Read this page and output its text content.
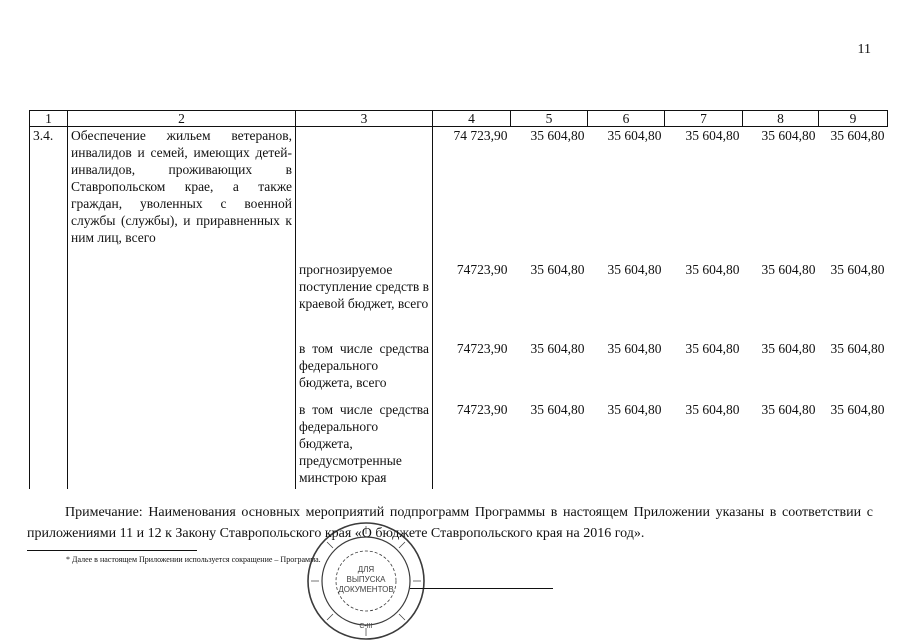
11
1	2	3	4	5	6	7	8	9
3.4.	Обеспечение жильем ветеранов, инвалидов и семей, имеющих детей-инвалидов, проживающих в Ставропольском крае, а также граждан, уволенных с военной службы (службы), и приравненных к ним лиц, всего		74 723,90	35 604,80	35 604,80	35 604,80	35 604,80	35 604,80
		прогнозируемое поступление средств в краевой бюджет, всего	74723,90	35 604,80	35 604,80	35 604,80	35 604,80	35 604,80
		в том числе средства федерального бюджета, всего	74723,90	35 604,80	35 604,80	35 604,80	35 604,80	35 604,80
		в том числе средства федерального бюджета, предусмотренные минстрою края	74723,90	35 604,80	35 604,80	35 604,80	35 604,80	35 604,80
Примечание: Наименования основных мероприятий подпрограмм Программы в настоящем Приложении указаны в соответствии с приложениями 11 и 12 к Закону Ставропольского края «О бюджете Ставропольского края на 2016 год».
* Далее в настоящем Приложении используется сокращение – Программа.
ДЛЯ ВЫПУСКА ДОКУМЕНТОВ
С-III
